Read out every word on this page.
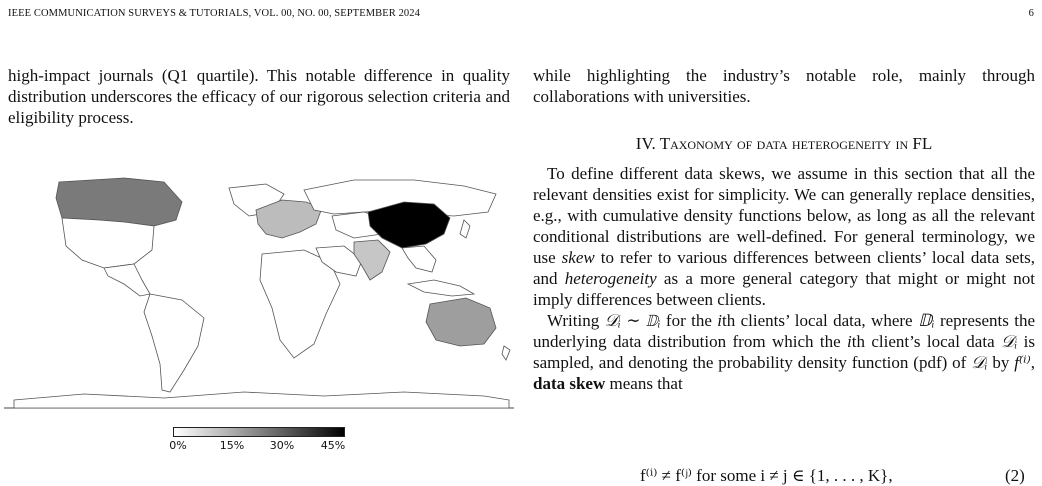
IEEE COMMUNICATION SURVEYS & TUTORIALS, VOL. 00, NO. 00, SEPTEMBER 2024	6

high-impact journals (Q1 quartile). This notable difference in quality distribution underscores the efficacy of our rigorous selection criteria and eligibility process.

0%	15% 30% 45%

while highlighting the industry’s notable role, mainly through collaborations with universities.

IV. Taxonomy of data heterogeneity in FL

To define different data skews, we assume in this section that all the relevant densities exist for simplicity. We can generally replace densities, e.g., with cumulative density functions below, as long as all the relevant conditional distributions are well-defined. For general terminology, we use skew to refer to various differences between clients’ local data sets, and heterogeneity as a more general category that might or might not imply differences between clients.

Writing 𝒟ᵢ ∼ 𝔻ᵢ for the ith clients’ local data, where 𝔻ᵢ represents the underlying data distribution from which the ith client’s local data 𝒟ᵢ is sampled, and denoting the probability density function (pdf) of 𝒟ᵢ by f⁽ⁱ⁾, data skew means that

f⁽ⁱ⁾ ≠ f⁽ʲ⁾ for some i ≠ j ∈ {1, . . . , K},	(2)
